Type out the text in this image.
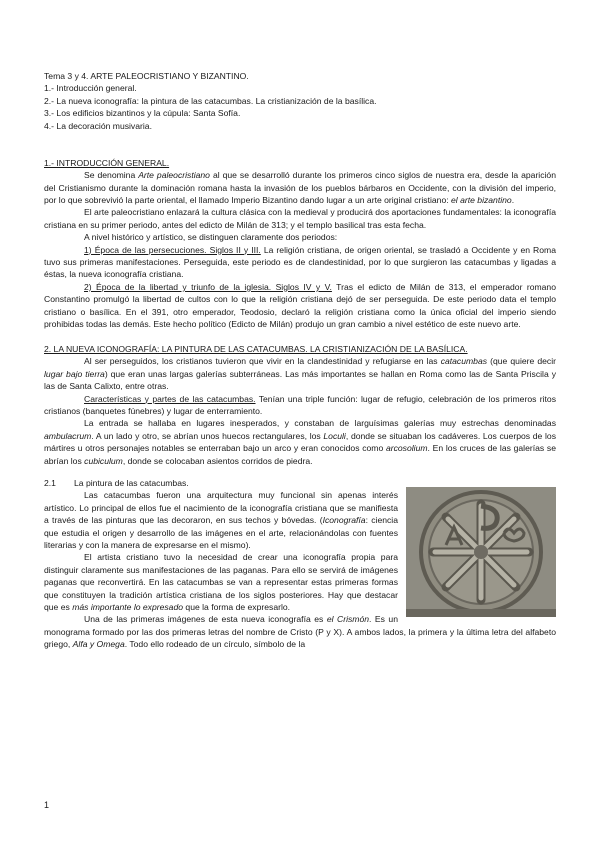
Tema 3 y 4. ARTE PALEOCRISTIANO Y BIZANTINO.

1.- Introducción general.

2.- La nueva iconografía: la pintura de las catacumbas. La cristianización de la basílica.

3.- Los edificios bizantinos y la cúpula: Santa Sofía.

4.- La decoración musivaria.

1.- INTRODUCCIÓN GENERAL.

Se denomina Arte paleocristiano al que se desarrolló durante los primeros cinco siglos de nuestra era, desde la aparición del Cristianismo durante la dominación romana hasta la invasión de los pueblos bárbaros en Occidente, con la división del imperio, por lo que sobrevivió la parte oriental, el llamado Imperio Bizantino dando lugar a un arte original cristiano: el arte bizantino.

El arte paleocristiano enlazará la cultura clásica con la medieval y producirá dos aportaciones fundamentales: la iconografía cristiana en su primer periodo, antes del edicto de Milán de 313; y el templo basilical tras esta fecha.

A nivel histórico y artístico, se distinguen claramente dos periodos:

1) Época de las persecuciones. Siglos II y III. La religión cristiana, de origen oriental, se trasladó a Occidente y en Roma tuvo sus primeras manifestaciones. Perseguida, este periodo es de clandestinidad, por lo que surgieron las catacumbas y ligadas a éstas, la nueva iconografía cristiana.

2) Época de la libertad y triunfo de la iglesia. Siglos IV y V. Tras el edicto de Milán de 313, el emperador romano Constantino promulgó la libertad de cultos con lo que la religión cristiana dejó de ser perseguida. De este periodo data el templo cristiano o basílica. En el 391, otro emperador, Teodosio, declaró la religión cristiana como la única oficial del imperio siendo prohibidas todas las demás. Este hecho político (Edicto de Milán) produjo un gran cambio a nivel estético de este nuevo arte.

2. LA NUEVA ICONOGRAFÍA: LA PINTURA DE LAS CATACUMBAS. LA CRISTIANIZACIÓN DE LA BASÍLICA.

Al ser perseguidos, los cristianos tuvieron que vivir en la clandestinidad y refugiarse en las catacumbas (que quiere decir lugar bajo tierra) que eran unas largas galerías subterráneas. Las más importantes se hallan en Roma como las de Santa Priscila y las de Santa Calixto, entre otras.

Características y partes de las catacumbas. Tenían una triple función: lugar de refugio, celebración de los primeros ritos cristianos (banquetes fúnebres) y lugar de enterramiento.

La entrada se hallaba en lugares inesperados, y constaban de larguísimas galerías muy estrechas denominadas ambulacrum. A un lado y otro, se abrían unos huecos rectangulares, los Loculi, donde se situaban los cadáveres. Los cuerpos de los mártires u otros personajes notables se enterraban bajo un arco y eran conocidos como arcosolium. En los cruces de las galerías se abrían los cubiculum, donde se colocaban asientos corridos de piedra.

2.1 La pintura de las catacumbas.

Las catacumbas fueron una arquitectura muy funcional sin apenas interés artístico. Lo principal de ellos fue el nacimiento de la iconografía cristiana que se manifiesta a través de las pinturas que las decoraron, en sus techos y bóvedas. (Iconografía: ciencia que estudia el origen y desarrollo de las imágenes en el arte, relacionándolas con fuentes literarias y con la manera de expresarse en el mismo).

El artista cristiano tuvo la necesidad de crear una iconografía propia para distinguir claramente sus manifestaciones de las paganas. Para ello se servirá de imágenes paganas que reconvertirá. En las catacumbas se van a representar estas primeras formas que constituyen la tradición artística cristiana de los siglos posteriores. Hay que destacar que es más importante lo expresado que la forma de expresarlo.

Una de las primeras imágenes de esta nueva iconografía es el Crismón. Es un monograma formado por las dos primeras letras del nombre de Cristo (P y X). A ambos lados, la primera y la última letra del alfabeto griego, Alfa y Omega. Todo ello rodeado de un círculo, símbolo de la

1
